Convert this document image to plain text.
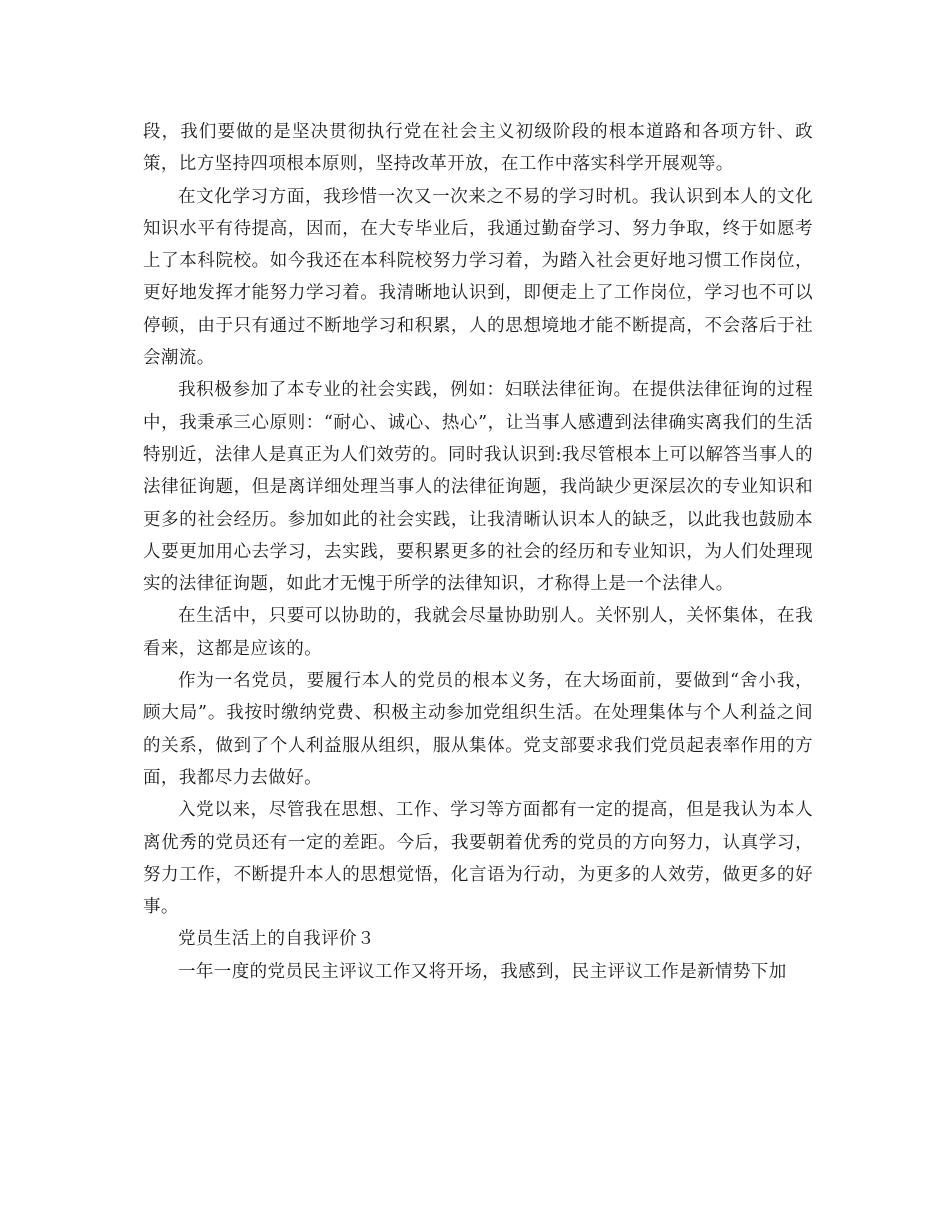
段，我们要做的是坚决贯彻执行党在社会主义初级阶段的根本道路和各项方针、政策，比方坚持四项根本原则，坚持改革开放，在工作中落实科学开展观等。

在文化学习方面，我珍惜一次又一次来之不易的学习时机。我认识到本人的文化知识水平有待提高，因而，在大专毕业后，我通过勤奋学习、努力争取，终于如愿考上了本科院校。如今我还在本科院校努力学习着，为踏入社会更好地习惯工作岗位，更好地发挥才能努力学习着。我清晰地认识到，即便走上了工作岗位，学习也不可以停顿，由于只有通过不断地学习和积累，人的思想境地才能不断提高，不会落后于社会潮流。

我积极参加了本专业的社会实践，例如：妇联法律征询。在提供法律征询的过程中，我秉承三心原则：“耐心、诚心、热心”，让当事人感遭到法律确实离我们的生活特别近，法律人是真正为人们效劳的。同时我认识到:我尽管根本上可以解答当事人的法律征询题，但是离详细处理当事人的法律征询题，我尚缺少更深层次的专业知识和更多的社会经历。参加如此的社会实践，让我清晰认识本人的缺乏，以此我也鼓励本人要更加用心去学习，去实践，要积累更多的社会的经历和专业知识，为人们处理现实的法律征询题，如此才无愧于所学的法律知识，才称得上是一个法律人。

在生活中，只要可以协助的，我就会尽量协助别人。关怀别人，关怀集体，在我看来，这都是应该的。

作为一名党员，要履行本人的党员的根本义务，在大场面前，要做到“舍小我，顾大局”。我按时缴纳党费、积极主动参加党组织生活。在处理集体与个人利益之间的关系，做到了个人利益服从组织，服从集体。党支部要求我们党员起表率作用的方面，我都尽力去做好。

入党以来，尽管我在思想、工作、学习等方面都有一定的提高，但是我认为本人离优秀的党员还有一定的差距。今后，我要朝着优秀的党员的方向努力，认真学习，努力工作，不断提升本人的思想觉悟，化言语为行动，为更多的人效劳，做更多的好事。

党员生活上的自我评价３

一年一度的党员民主评议工作又将开场，我感到，民主评议工作是新情势下加
